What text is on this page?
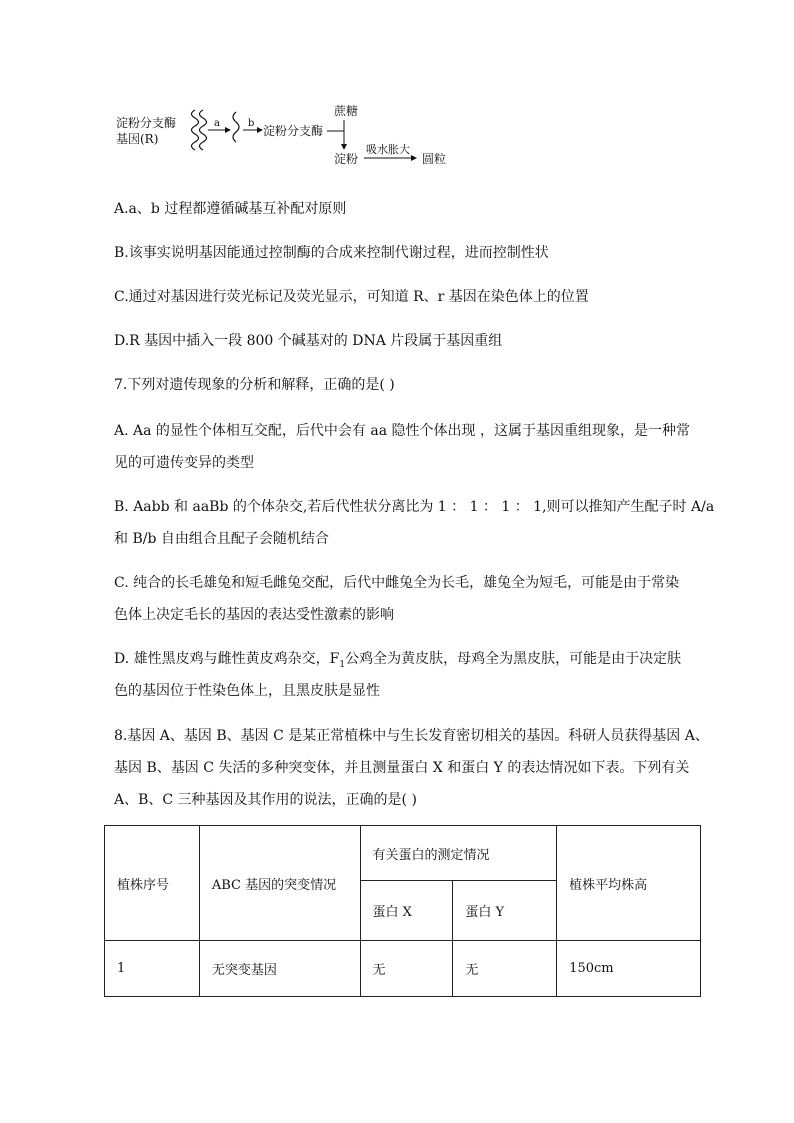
淀粉分支酶
基因(R)
a	b
淀粉分支酶
蔗糖
淀粉
吸水胀大
圆粒
A.a、b 过程都遵循碱基互补配对原则
B.该事实说明基因能通过控制酶的合成来控制代谢过程，进而控制性状
C.通过对基因进行荧光标记及荧光显示，可知道 R、r 基因在染色体上的位置
D.R 基因中插入一段 800 个碱基对的 DNA 片段属于基因重组
7.下列对遗传现象的分析和解释，正确的是( )
A. Aa 的显性个体相互交配，后代中会有 aa 隐性个体出现 ，这属于基因重组现象，是一种常
见的可遗传变异的类型
B. Aabb 和 aaBb 的个体杂交,若后代性状分离比为 1 ： 1 ： 1 ： 1,则可以推知产生配子时 A/a
和 B/b 自由组合且配子会随机结合
C. 纯合的长毛雄兔和短毛雌兔交配，后代中雌兔全为长毛，雄兔全为短毛，可能是由于常染
色体上决定毛长的基因的表达受性激素的影响
D. 雄性黑皮鸡与雌性黄皮鸡杂交，$F_1$公鸡全为黄皮肤，母鸡全为黑皮肤，可能是由于决定肤
色的基因位于性染色体上，且黑皮肤是显性
8.基因 A、基因 B、基因 C 是某正常植株中与生长发育密切相关的基因。科研人员获得基因 A、
基因 B、基因 C 失活的多种突变体，并且测量蛋白 X 和蛋白 Y 的表达情况如下表。下列有关
A、B、C 三种基因及其作用的说法，正确的是( )
植株序号	ABC 基因的突变情况	有关蛋白的测定情况		植株平均株高
		蛋白 X	蛋白 Y	
1	无突变基因	无	无	150cm
